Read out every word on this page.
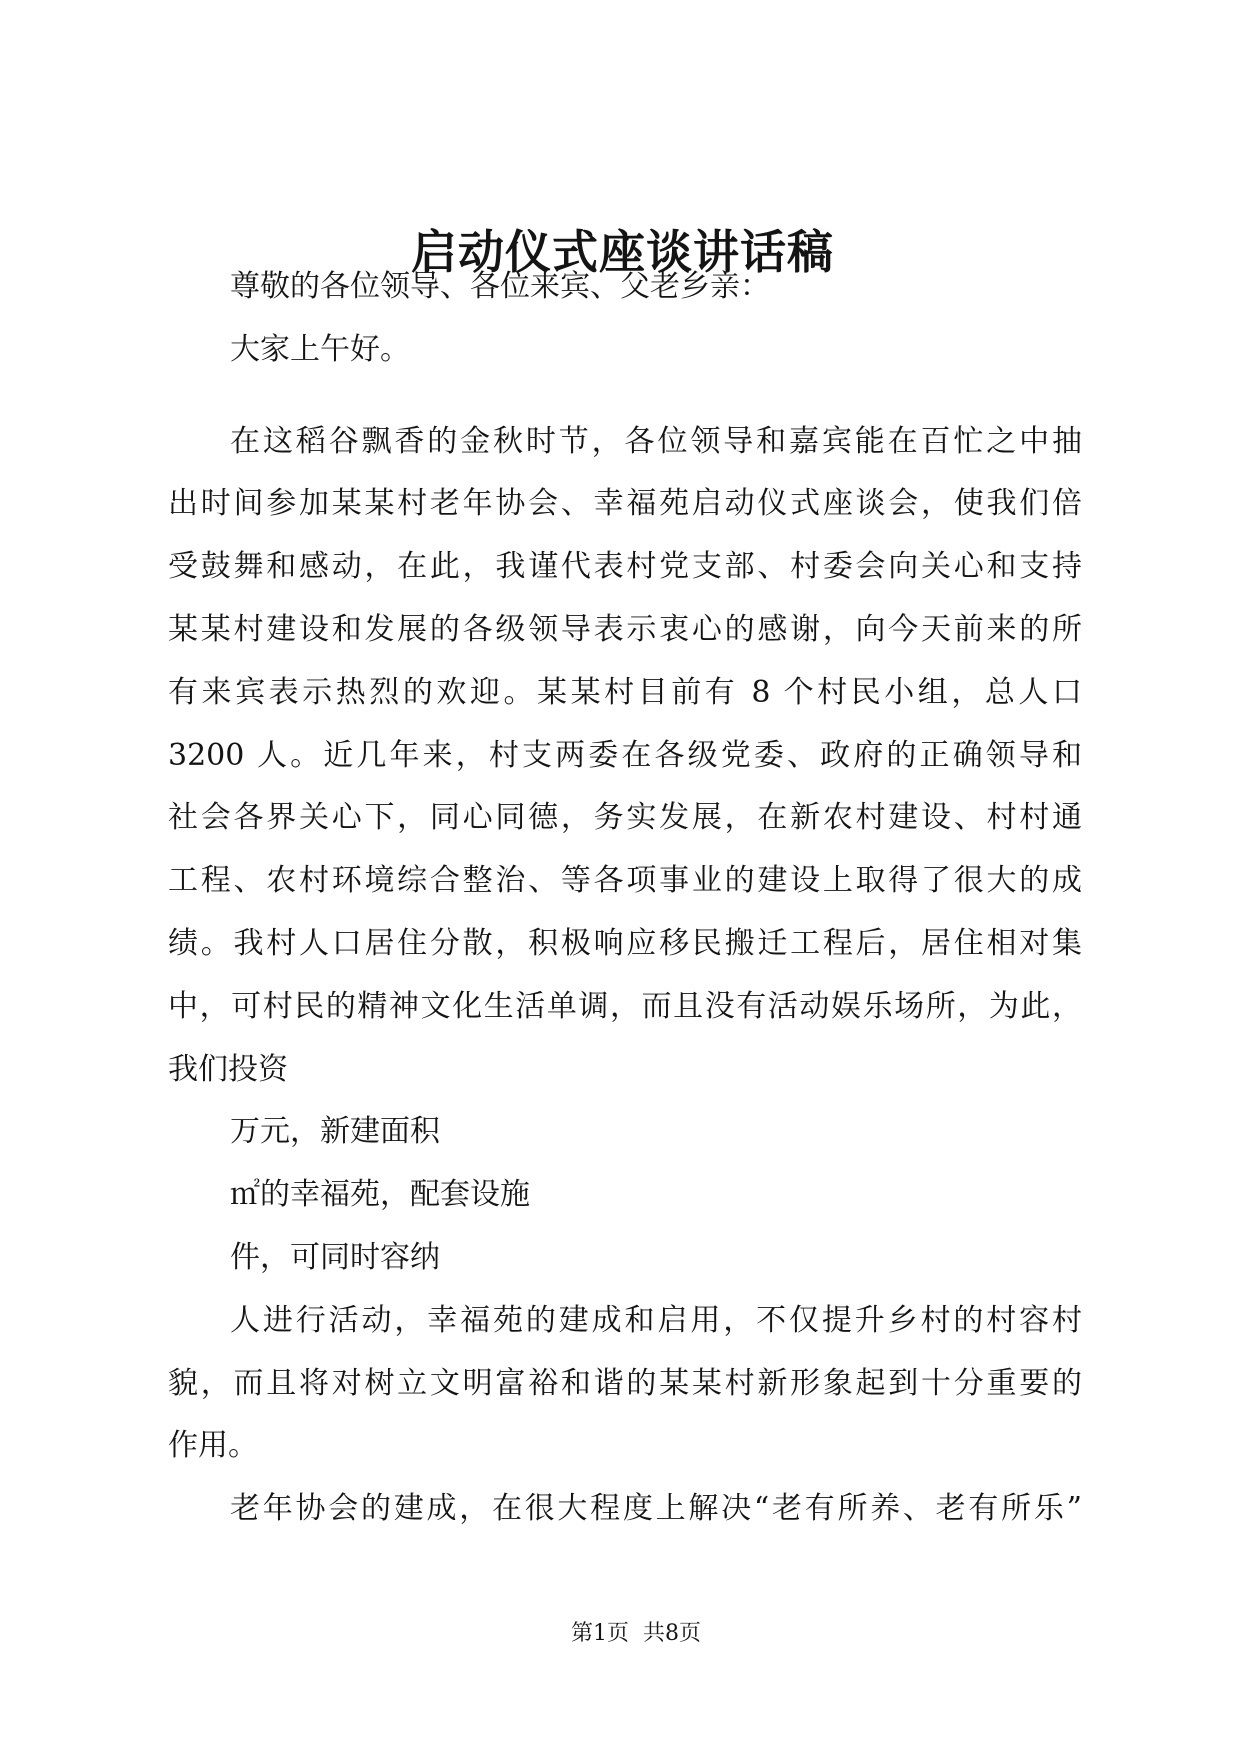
启动仪式座谈讲话稿
尊敬的各位领导、各位来宾、父老乡亲：
大家上午好。
在这稻谷飘香的金秋时节，各位领导和嘉宾能在百忙之中抽
出时间参加某某村老年协会、幸福苑启动仪式座谈会，使我们倍
受鼓舞和感动，在此，我谨代表村党支部、村委会向关心和支持
某某村建设和发展的各级领导表示衷心的感谢，向今天前来的所
有来宾表示热烈的欢迎。某某村目前有 8 个村民小组，总人口
3200 人。近几年来，村支两委在各级党委、政府的正确领导和
社会各界关心下，同心同德，务实发展，在新农村建设、村村通
工程、农村环境综合整治、等各项事业的建设上取得了很大的成
绩。我村人口居住分散，积极响应移民搬迁工程后，居住相对集
中，可村民的精神文化生活单调，而且没有活动娱乐场所，为此，
我们投资
万元，新建面积
㎡的幸福苑，配套设施
件，可同时容纳
人进行活动，幸福苑的建成和启用，不仅提升乡村的村容村
貌，而且将对树立文明富裕和谐的某某村新形象起到十分重要的
作用。
老年协会的建成，在很大程度上解决“老有所养、老有所乐”
第1页  共8页
